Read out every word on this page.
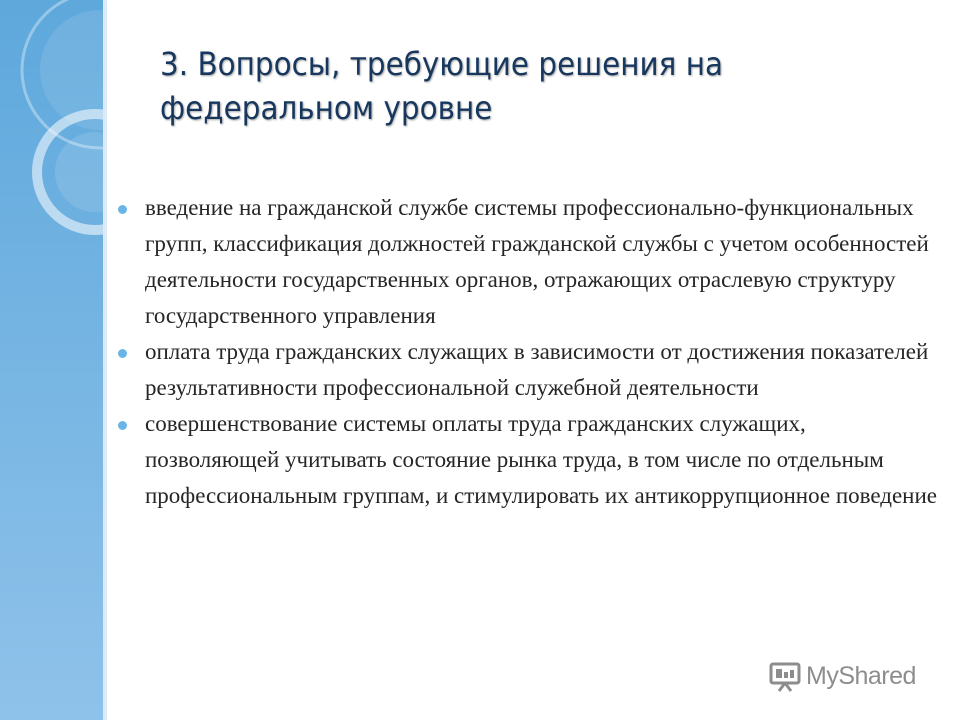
3. Вопросы, требующие решения на федеральном уровне
введение на гражданской службе системы профессионально-функциональных групп, классификация должностей гражданской службы с учетом особенностей деятельности государственных органов, отражающих отраслевую структуру государственного управления
оплата труда гражданских служащих в зависимости от достижения показателей результативности профессиональной служебной деятельности
совершенствование системы оплаты труда гражданских служащих, позволяющей учитывать состояние рынка труда, в том числе по отдельным профессиональным группам, и стимулировать их антикоррупционное поведение
MyShared
